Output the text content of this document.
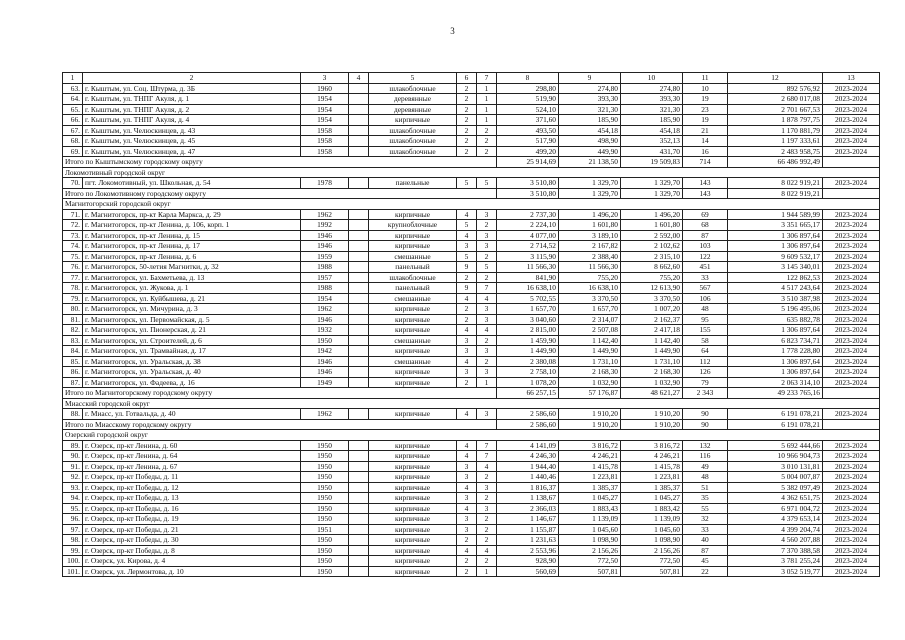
3
1	2	3	4	5	6	7	8	9	10	11	12	13
63.	г. Кыштым, ул. Соц. Штурма, д. 3Б	1960		шлакоблочные	2	1	298,80	274,80	274,80	10	892 576,92	2023-2024
64.	г. Кыштым, ул. ТНПГ Акуля, д. 1	1954		деревянные	2	1	519,90	393,30	393,30	19	2 680 017,08	2023-2024
65.	г. Кыштым, ул. ТНПГ Акуля, д. 2	1954		деревянные	2	1	524,10	321,30	321,30	23	2 701 667,53	2023-2024
66.	г. Кыштым, ул. ТНПГ Акуля, д. 4	1954		кирпичные	2	1	371,60	185,90	185,90	19	1 878 797,75	2023-2024
67.	г. Кыштым, ул. Челюскинцев, д. 43	1958		шлакоблочные	2	2	493,50	454,18	454,18	21	1 170 881,79	2023-2024
68.	г. Кыштым, ул. Челюскинцев, д. 45	1958		шлакоблочные	2	2	517,90	498,90	352,13	14	1 197 333,61	2023-2024
69.	г. Кыштым, ул. Челюскинцев, д. 47	1958		шлакоблочные	2	2	499,20	449,90	431,70	16	2 483 958,75	2023-2024
Итого по Кыштымскому городскому округу							25 914,69	21 138,50	19 509,83	714	66 486 992,49	
Локомотивный городской округ												
70.	пгт. Локомотивный, ул. Школьная, д. 54	1978		панельные	5	5	3 510,80	1 329,70	1 329,70	143	8 022 919,21	2023-2024
Итого по Локомотивному городскому округу							3 510,80	1 329,70	1 329,70	143	8 022 919,21	
Магнитогорский городской округ												
71.	г. Магнитогорск, пр-кт Карла Маркса, д. 29	1962		кирпичные	4	3	2 737,30	1 496,20	1 496,20	69	1 944 589,99	2023-2024
72.	г. Магнитогорск, пр-кт Ленина, д. 106, корп. 1	1992		крупноблочные	5	2	2 224,10	1 601,80	1 601,80	68	3 351 665,17	2023-2024
73.	г. Магнитогорск, пр-кт Ленина, д. 15	1946		кирпичные	4	3	4 077,00	3 189,10	2 592,00	87	1 306 897,64	2023-2024
74.	г. Магнитогорск, пр-кт Ленина, д. 17	1946		кирпичные	3	3	2 714,52	2 167,82	2 102,62	103	1 306 897,64	2023-2024
75.	г. Магнитогорск, пр-кт Ленина, д. 6	1959		смешанные	5	2	3 115,90	2 388,40	2 315,10	122	9 609 532,17	2023-2024
76.	г. Магнитогорск, 50-летия Магнитки, д. 32	1988		панельный	9	5	11 566,30	11 566,30	8 662,60	451	3 145 340,01	2023-2024
77.	г. Магнитогорск, ул. Бахметьева, д. 13	1957		шлакоблочные	2	2	841,90	755,20	755,20	33	122 862,53	2023-2024
78.	г. Магнитогорск, ул. Жукова, д. 1	1988		панельный	9	7	16 638,10	16 638,10	12 613,90	567	4 517 243,64	2023-2024
79.	г. Магнитогорск, ул. Куйбышева, д. 21	1954		смешанные	4	4	5 702,55	3 370,50	3 370,50	106	3 510 387,98	2023-2024
80.	г. Магнитогорск, ул. Мичурина, д. 3	1962		кирпичные	2	3	1 657,70	1 657,70	1 007,20	48	5 196 495,06	2023-2024
81.	г. Магнитогорск, ул. Первомайская, д. 5	1946		кирпичные	2	3	3 040,60	2 314,07	2 162,37	95	635 882,78	2023-2024
82.	г. Магнитогорск, ул. Пионерская, д. 21	1932		кирпичные	4	4	2 815,00	2 507,08	2 417,18	155	1 306 897,64	2023-2024
83.	г. Магнитогорск, ул. Строителей, д. 6	1950		смешанные	3	2	1 459,90	1 142,40	1 142,40	58	6 823 734,71	2023-2024
84.	г. Магнитогорск, ул. Трамвайная, д. 17	1942		кирпичные	3	3	1 449,90	1 449,90	1 449,90	64	1 778 228,80	2023-2024
85.	г. Магнитогорск, ул. Уральская, д. 38	1946		смешанные	4	2	2 380,08	1 731,10	1 731,10	112	1 306 897,64	2023-2024
86.	г. Магнитогорск, ул. Уральская, д. 40	1946		кирпичные	3	3	2 758,10	2 168,30	2 168,30	126	1 306 897,64	2023-2024
87.	г. Магнитогорск, ул. Фадеева, д. 16	1949		кирпичные	2	1	1 078,20	1 032,90	1 032,90	79	2 063 314,10	2023-2024
Итого по Магнитогорскому городскому округу							66 257,15	57 176,87	48 621,27	2 343	49 233 765,16	
Миасский городской округ												
88.	г. Миасс, ул. Готвальда, д. 40	1962		кирпичные	4	3	2 586,60	1 910,20	1 910,20	90	6 191 078,21	2023-2024
Итого по Миасскому городскому округу							2 586,60	1 910,20	1 910,20	90	6 191 078,21	
Озерский городской округ												
89.	г. Озерск, пр-кт Ленина, д. 60	1950		кирпичные	4	7	4 141,09	3 816,72	3 816,72	132	5 692 444,66	2023-2024
90.	г. Озерск, пр-кт Ленина, д. 64	1950		кирпичные	4	7	4 246,30	4 246,21	4 246,21	116	10 966 904,73	2023-2024
91.	г. Озерск, пр-кт Ленина, д. 67	1950		кирпичные	3	4	1 944,40	1 415,78	1 415,78	49	3 010 131,81	2023-2024
92.	г. Озерск, пр-кт Победы, д. 11	1950		кирпичные	3	2	1 440,46	1 223,81	1 223,81	48	5 004 007,87	2023-2024
93.	г. Озерск, пр-кт Победы, д. 12	1950		кирпичные	4	3	1 816,37	1 385,37	1 385,37	51	5 382 097,49	2023-2024
94.	г. Озерск, пр-кт Победы, д. 13	1950		кирпичные	3	2	1 138,67	1 045,27	1 045,27	35	4 362 651,75	2023-2024
95.	г. Озерск, пр-кт Победы, д. 16	1950		кирпичные	4	3	2 366,03	1 883,43	1 883,42	55	6 971 004,72	2023-2024
96.	г. Озерск, пр-кт Победы, д. 19	1950		кирпичные	3	2	1 146,67	1 139,09	1 139,09	32	4 379 653,14	2023-2024
97.	г. Озерск, пр-кт Победы, д. 21	1951		кирпичные	3	2	1 155,87	1 045,60	1 045,60	33	4 399 204,74	2023-2024
98.	г. Озерск, пр-кт Победы, д. 30	1950		кирпичные	2	2	1 231,63	1 098,90	1 098,90	40	4 560 207,88	2023-2024
99.	г. Озерск, пр-кт Победы, д. 8	1950		кирпичные	4	4	2 553,96	2 156,26	2 156,26	87	7 370 388,58	2023-2024
100.	г. Озерск, ул. Кирова, д. 4	1950		кирпичные	2	2	928,90	772,50	772,50	45	3 781 255,24	2023-2024
101.	г. Озерск, ул. Лермонтова, д. 10	1950		кирпичные	2	1	560,69	507,81	507,81	22	3 052 519,77	2023-2024
